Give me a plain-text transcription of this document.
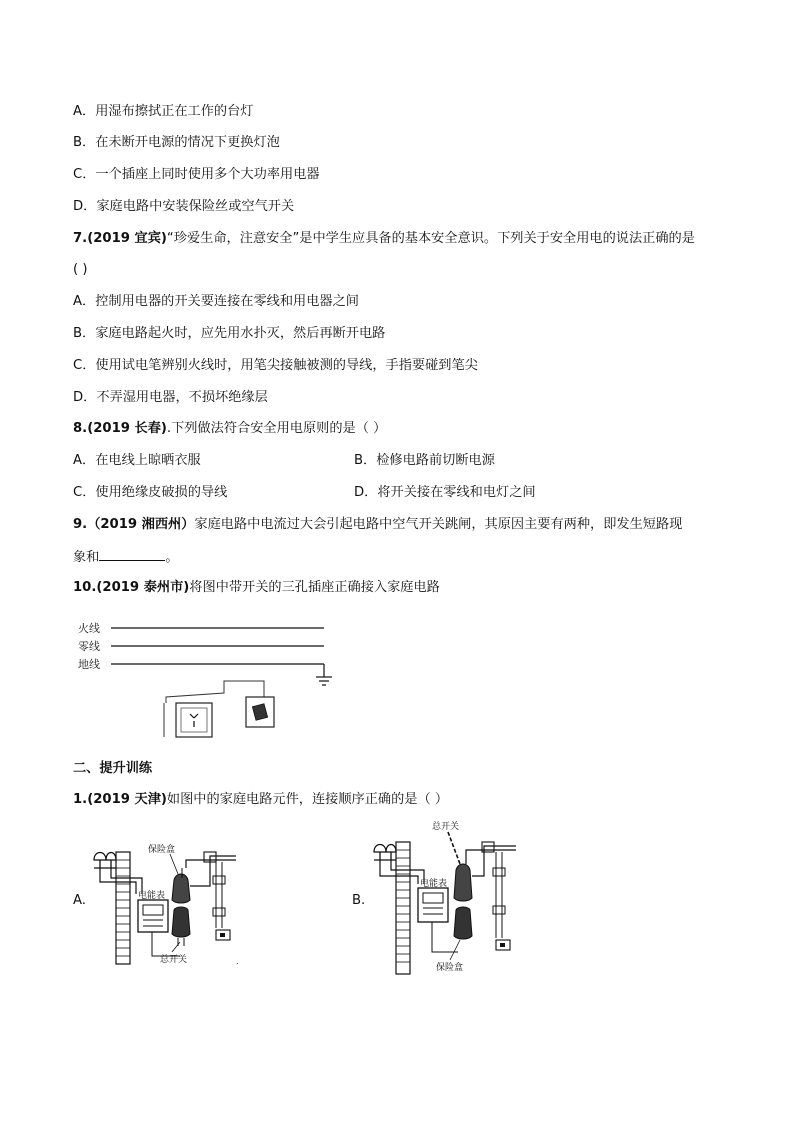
A．用湿布擦拭正在工作的台灯
B．在未断开电源的情况下更换灯泡
C．一个插座上同时使用多个大功率用电器
D．家庭电路中安装保险丝或空气开关
7.(2019 宜宾)“珍爱生命，注意安全”是中学生应具备的基本安全意识。下列关于安全用电的说法正确的是
( )
A．控制用电器的开关要连接在零线和用电器之间
B．家庭电路起火时，应先用水扑灭，然后再断开电路
C．使用试电笔辨别火线时，用笔尖接触被测的导线，手指要碰到笔尖
D．不弄湿用电器，不损坏绝缘层
8.(2019 长春).下列做法符合安全用电原则的是（ ）
A．在电线上晾晒衣服	B．检修电路前切断电源
C．使用绝缘皮破损的导线	D．将开关接在零线和电灯之间
9.（2019 湘西州）家庭电路中电流过大会引起电路中空气开关跳闸，其原因主要有两种，即发生短路现
象和	。
10.(2019 泰州市)将图中带开关的三孔插座正确接入家庭电路
火线
零线
地线
二、提升训练
1.(2019 天津)如图中的家庭电路元件，连接顺序正确的是（ ）
A.	B.
电能表
保险盒
总开关	.
电能表
总开关
保险盒
